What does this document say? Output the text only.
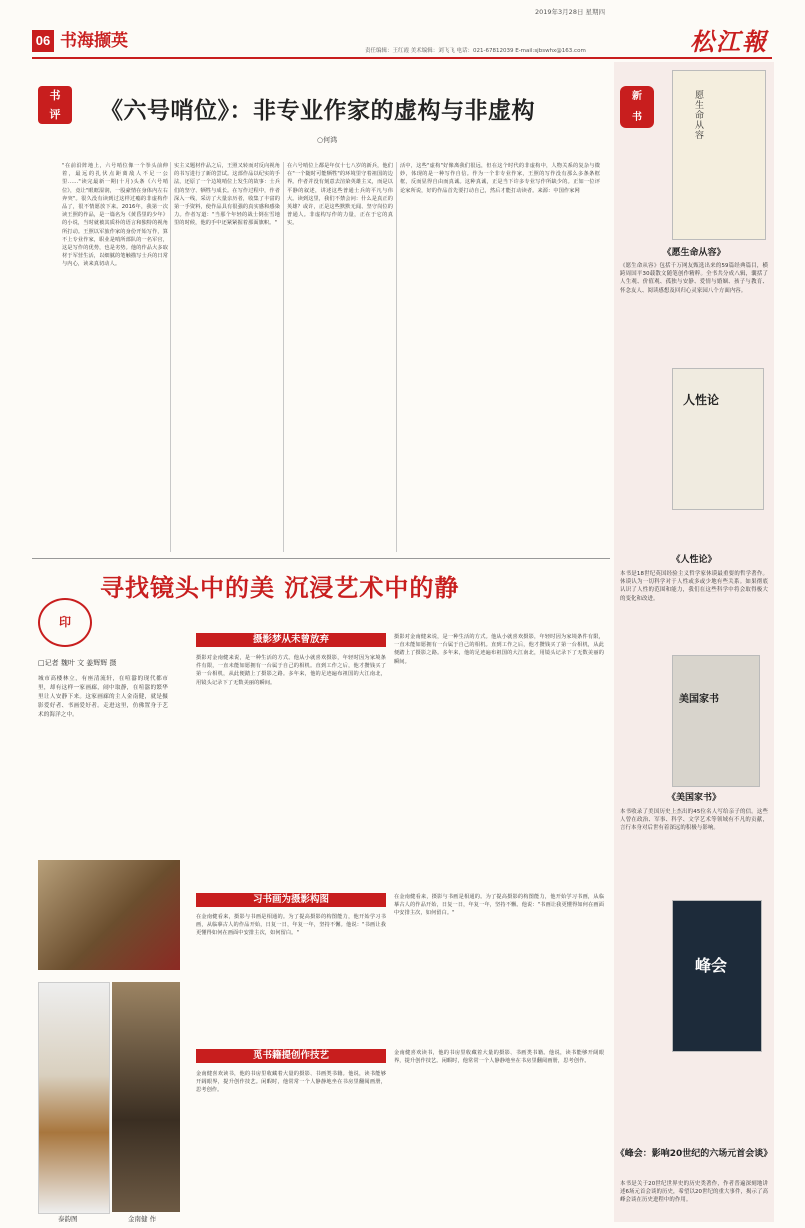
06 书海撷英
2019年3月28日 星期四
责任编辑：王红霞 美术编辑：刘飞飞 电话：021-67812039 E-mail:sjbswhx@163.com	松江報
书
评	《六号哨位》：非专业作家的虚构与非虚构
○何鸿
"在前沿阵地上，六号哨位像一个拳头前伸着，最远的扎伏点距离敌人不足一公里……"读完最新一期(十月)头条《六号哨位》，竟让"眼眶湿润，一股豪情在身体内左右奔突"。很久没有读到过这样过瘾的非虚构作品了，很不情愿放下来。2016年，我第一次读王照的作品，是一篇名为《黄昏里的少年》的小说，当时就被其质朴的语言和独特的视角所打动。王照以军旅作家的身份开始写作，算不上专业作家，职业是哨所部队的一名军官，这是写作的优势，也是劣势。他的作品大多取材于军营生活，以细腻的笔触描写士兵的日常与内心，读来真切动人。
实主义题材作品之后，王照又转而对反向视角的书写进行了新的尝试。这部作品以纪实的手法，还原了一个边境哨位上发生的故事：士兵们的坚守、牺牲与成长。在写作过程中，作者深入一线，采访了大量亲历者，收集了丰富的第一手资料，使作品具有很强的真实感和感染力。作者写道："当那个年轻的战士倒在雪地里的时候，他的手中还紧紧握着那面旗帜。"
在六号哨位上都是年仅十七八岁的新兵，他们在"一个随时可能牺牲"的环境里守着祖国的边界。作者并没有刻意去渲染英雄主义，而是以平静的叙述，讲述这些普通士兵的平凡与伟大。读到这里，我们不禁会问：什么是真正的英雄？或许，正是这些默默无闻、坚守岗位的普通人。非虚构写作的力量，正在于它的真实。
活中，这些"虚构"好像离我们很远，但在这个时代的非虚构中，人物关系的复杂与微妙，体现的是一种写作自信。作为一个非专业作家，王照的写作没有那么多条条框框，反而显得自由而真诚。这种真诚，正是当下许多专业写作所缺少的。正如一位评论家所说，好的作品首先要打动自己，然后才能打动读者。来源：中国作家网
印
寻找镜头中的美 沉浸艺术中的静
□记者 魏叶 文 姜辉辉 摄
城市高楼林立，有座清流轩，在喧嚣的现代都市里，却有这样一家画廊，闹中取静，在喧嚣的繁华里让人安静下来。这家画廊的主人金南健，就是摄影爱好者、书画爱好者。走进这里，仿佛置身于艺术的海洋之中。
摄影梦从未曾放弃
摄影对金南健来说，是一种生活的方式。他从小就喜欢摄影，年轻时因为家境条件有限，一直未能如愿拥有一台属于自己的相机。直到工作之后，他才攒钱买了第一台相机，从此便踏上了摄影之路。多年来，他的足迹遍布祖国的大江南北，用镜头记录下了无数美丽的瞬间。
摄影对金南健来说，是一种生活的方式。他从小就喜欢摄影，年轻时因为家境条件有限，一直未能如愿拥有一台属于自己的相机。直到工作之后，他才攒钱买了第一台相机，从此便踏上了摄影之路。多年来，他的足迹遍布祖国的大江南北，用镜头记录下了无数美丽的瞬间。
习书画为摄影构图
在金南健看来，摄影与书画是相通的。为了提高摄影的构图能力，他开始学习书画，从临摹古人的作品开始，日复一日，年复一年，坚持不懈。他说："书画让我更懂得如何在画面中安排主次，如何留白。"
在金南健看来，摄影与书画是相通的。为了提高摄影的构图能力，他开始学习书画，从临摹古人的作品开始，日复一日，年复一年，坚持不懈。他说："书画让我更懂得如何在画面中安排主次，如何留白。"
觅书籍提创作技艺
金南健喜欢读书，他的书房里收藏着大量的摄影、书画类书籍。他说，读书能够开阔眼界，提升创作技艺。闲暇时，他常常一个人静静地坐在书房里翻阅画册，思考创作。
金南健喜欢读书，他的书房里收藏着大量的摄影、书画类书籍。他说，读书能够开阔眼界，提升创作技艺。闲暇时，他常常一个人静静地坐在书房里翻阅画册，思考创作。
泰韵图	金南健 作
新
书
愿生命从容
《愿生命从容》
《愿生命从容》包括千万网友甄选出来的59篇经典篇目，横跨周国平30载散文随笔创作精粹。全书共分成八辑，囊括了人生观、价值观、孤独与安静、爱情与婚姻、孩子与教育、怀念友人、阅读感想及回归心灵家园八个方面内容。
人性论
《人性论》
本书是18世纪英国经验主义哲学家休谟最重要的哲学著作。休谟认为一切科学对于人性或多或少地有些关系。如果彻底认识了人性的范围和能力，我们在这些科学中将会取得极大的变化和改进。
美国家书
《美国家书》
本书收录了美国历史上杰出的45位名人写给亲子的信。这些人曾在政治、军事、科学、文学艺术等领域有不凡的贡献，言行本身对后世有着深远的积极与影响。
峰会
《峰会：影响20世纪的六场元首会谈》
本书是关于20世纪世界史的历史类著作，作者普遍深刻地讲述6场元首会谈的历史，希望以20世纪的重大事件，揭示了高峰会谈在历史进程中的作用。
